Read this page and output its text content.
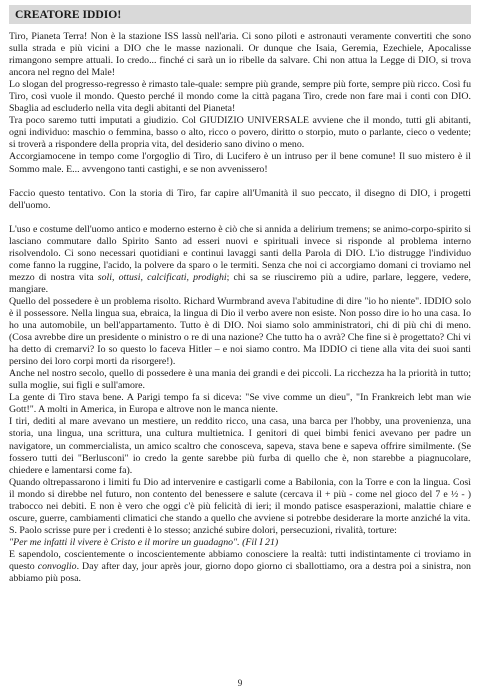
CREATORE IDDIO!

Tiro, Pianeta Terra! Non è la stazione ISS lassù nell'aria. Ci sono piloti e astronauti veramente convertiti che sono sulla strada e più vicini a DIO che le masse nazionali. Or dunque che Isaia, Geremia, Ezechiele, Apocalisse rimangono sempre attuali. Io credo... finché ci sarà un io ribelle da salvare. Chi non attua la Legge di DIO, si trova ancora nel regno del Male!

Lo slogan del progresso-regresso è rimasto tale-quale: sempre più grande, sempre più forte, sempre più ricco. Così fu Tiro, così vuole il mondo. Questo perché il mondo come la città pagana Tiro, crede non fare mai i conti con DIO. Sbaglia ad escluderlo nella vita degli abitanti del Pianeta!

Tra poco saremo tutti imputati a giudizio. Col GIUDIZIO UNIVERSALE avviene che il mondo, tutti gli abitanti, ogni individuo: maschio o femmina, basso o alto, ricco o povero, diritto o storpio, muto o parlante, cieco o vedente; si troverà a rispondere della propria vita, del desiderio sano divino o meno.

Accorgiamocene in tempo come l'orgoglio di Tiro, di Lucifero è un intruso per il bene comune! Il suo mistero è il Sommo male. E... avvengono tanti castighi, e se non avvenissero!

Faccio questo tentativo. Con la storia di Tiro, far capire all'Umanità il suo peccato, il disegno di DIO, i progetti dell'uomo.

L'uso e costume dell'uomo antico e moderno esterno è ciò che si annida a delirium tremens; se animo-corpo-spirito si lasciano commutare dallo Spirito Santo ad esseri nuovi e spirituali invece si risponde al problema interno risolvendolo. Ci sono necessari quotidiani e continui lavaggi santi della Parola di DIO. L'io distrugge l'individuo come fanno la ruggine, l'acido, la polvere da sparo o le termiti. Senza che noi ci accorgiamo domani ci troviamo nel mezzo di nostra vita soli, ottusi, calcificati, prodighi; chi sa se riusciremo più a udire, parlare, leggere, vedere, mangiare.

Quello del possedere è un problema risolto. Richard Wurmbrand aveva l'abitudine di dire "io ho niente". IDDIO solo è il possessore. Nella lingua sua, ebraica, la lingua di Dio il verbo avere non esiste. Non posso dire io ho una casa. Io ho una automobile, un bell'appartamento. Tutto è di DIO. Noi siamo solo amministratori, chi di più chi di meno. (Cosa avrebbe dire un presidente o ministro o re di una nazione? Che tutto ha o avrà? Che fine si è progettato? Chi vi ha detto di cremarvi? Io so questo lo faceva Hitler – e noi siamo contro. Ma IDDIO ci tiene alla vita dei suoi santi persino dei loro corpi morti da risorgere!).

Anche nel nostro secolo, quello di possedere è una mania dei grandi e dei piccoli. La ricchezza ha la priorità in tutto; sulla moglie, sui figli e sull'amore.

La gente di Tiro stava bene. A Parigi tempo fa si diceva: "Se vive comme un dieu", "In Frankreich lebt man wie Gott!". A molti in America, in Europa e altrove non le manca niente.

I tiri, dediti al mare avevano un mestiere, un reddito ricco, una casa, una barca per l'hobby, una provenienza, una storia, una lingua, una scrittura, una cultura multietnica. I genitori di quei bimbi fenici avevano per padre un navigatore, un commercialista, un amico scaltro che conosceva, sapeva, stava bene e sapeva offrire similmente. (Se fossero tutti dei "Berlusconi" io credo la gente sarebbe più furba di quello che è, non starebbe a piagnucolare, chiedere e lamentarsi come fa).

Quando oltrepassarono i limiti fu Dio ad intervenire e castigarli come a Babilonia, con la Torre e con la lingua. Così il mondo si direbbe nel futuro, non contento del benessere e salute (cercava il + più - come nel gioco del 7 e ½ - ) trabocco nei debiti. E non è vero che oggi c'è più felicità di ieri; il mondo patisce esasperazioni, malattie chiare e oscure, guerre, cambiamenti climatici che stando a quello che avviene si potrebbe desiderare la morte anziché la vita.

S. Paolo scrisse pure per i credenti è lo stesso; anziché subire dolori, persecuzioni, rivalità, torture:
"Per me infatti il vivere è Cristo e il morire un guadagno". (Fil I 21)

E sapendolo, coscientemente o incoscientemente abbiamo conosciere la realtà: tutti indistintamente ci troviamo in questo convoglio. Day after day, jour après jour, giorno dopo giorno ci sballottiamo, ora a destra poi a sinistra, non abbiamo più posa.

9
